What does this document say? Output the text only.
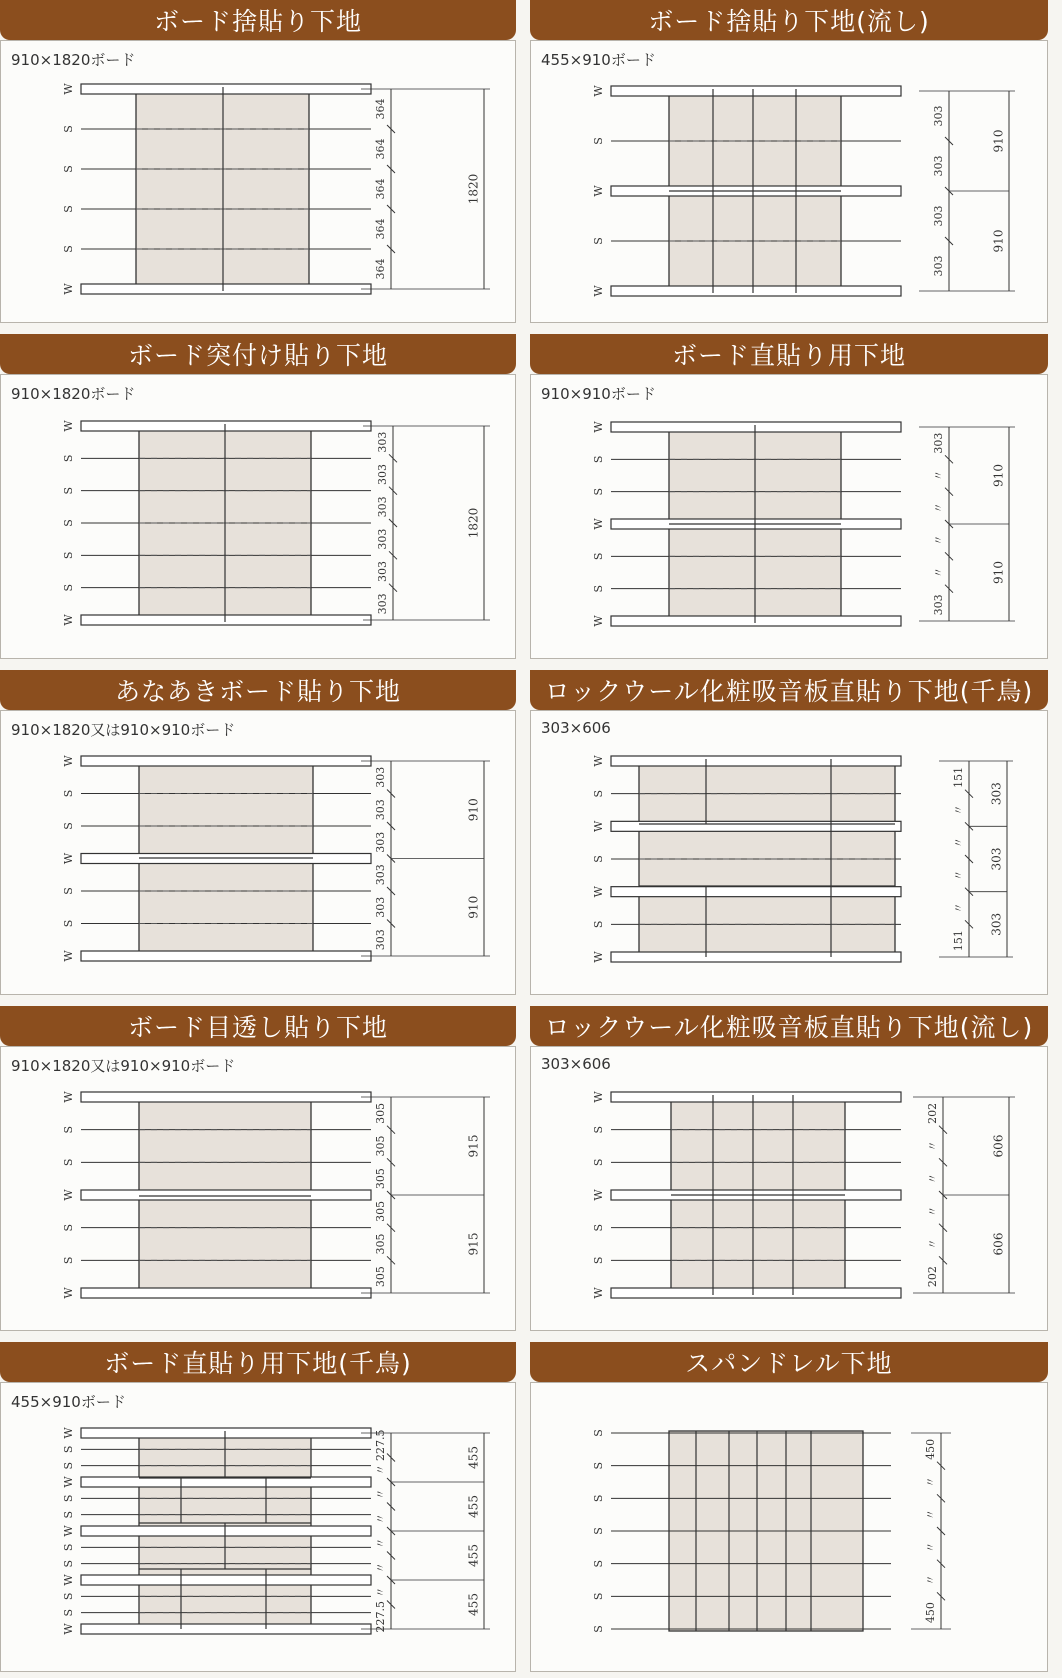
ボード捨貼り下地
910×1820ボード
W
S
S
S
S
W
364
364
364
364
364
1820
ボード突付け貼り下地
910×1820ボード
W
S
S
S
S
S
W
303
303
303
303
303
303
1820
あなあきボード貼り下地
910×1820又は910×910ボード
W
S
S
W
S
S
W
303
303
303
303
303
303
910
910
ボード目透し貼り下地
910×1820又は910×910ボード
W
S
S
W
S
S
W
305
305
305
305
305
305
915
915
ボード直貼り用下地(千鳥)
455×910ボード
W
S
S
W
S
S
W
S
S
W
S
S
W
227.5
〃
〃
〃
〃
〃
〃
227.5
455
455
455
455
ボード捨貼り下地(流し)
455×910ボード
W
S
W
S
W
303
303
303
303
910
910
ボード直貼り用下地
910×910ボード
W
S
S
W
S
S
W
303
〃
〃
〃
〃
303
910
910
ロックウール化粧吸音板直貼り下地(千鳥)
303×606
W
S
W
S
W
S
W
151
〃
〃
〃
〃
151
303
303
303
ロックウール化粧吸音板直貼り下地(流し)
303×606
W
S
S
W
S
S
W
202
〃
〃
〃
〃
202
606
606
スパンドレル下地
S
S
S
S
S
S
S
450
〃
〃
〃
〃
450
